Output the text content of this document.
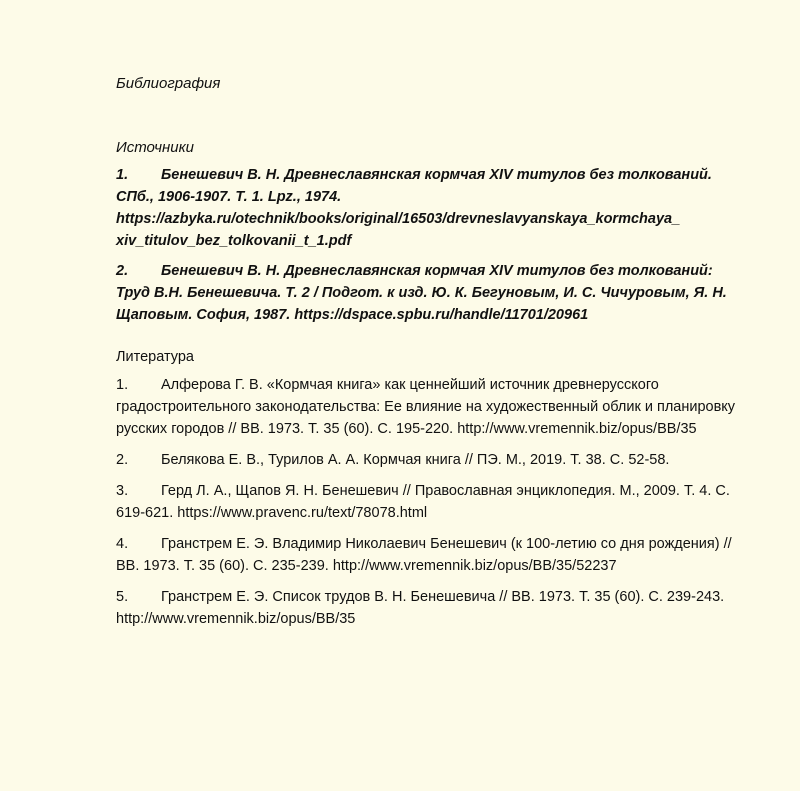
Библиография
Источники

1. Бенешевич В. Н. Древнеславянская кормчая XIV титулов без толкований. СПб., 1906-1907. Т. 1. Lpz., 1974. https://azbyka.ru/otechnik/books/original/16503/drevneslavyanskaya_kormchaya_ xiv_titulov_bez_tolkovanii_t_1.pdf

2. Бенешевич В. Н. Древнеславянская кормчая XIV титулов без толкований: Труд В.Н. Бенешевича. Т. 2 / Подгот. к изд. Ю. К. Бегуновым, И. С. Чичуровым, Я. Н. Щаповым. София, 1987. https://dspace.spbu.ru/handle/11701/20961

Литература

1. Алферова Г. В. «Кормчая книга» как ценнейший источник древнерусского градостроительного законодательства: Ее влияние на художественный облик и планировку русских городов // ВВ. 1973. Т. 35 (60). С. 195-220. http://www.vremennik.biz/opus/BB/35

2. Белякова Е. В., Турилов А. А. Кормчая книга // ПЭ. М., 2019. Т. 38. С. 52-58.

3. Герд Л. А., Щапов Я. Н. Бенешевич // Православная энциклопедия. М., 2009. Т. 4. С. 619-621. https://www.pravenc.ru/text/78078.html

4. Гранстрем Е. Э. Владимир Николаевич Бенешевич (к 100-летию со дня рождения) // ВВ. 1973. Т. 35 (60). С. 235-239. http://www.vremennik.biz/opus/BB/35/52237

5. Гранстрем Е. Э. Список трудов В. Н. Бенешевича // ВВ. 1973. Т. 35 (60). С. 239-243. http://www.vremennik.biz/opus/BB/35
